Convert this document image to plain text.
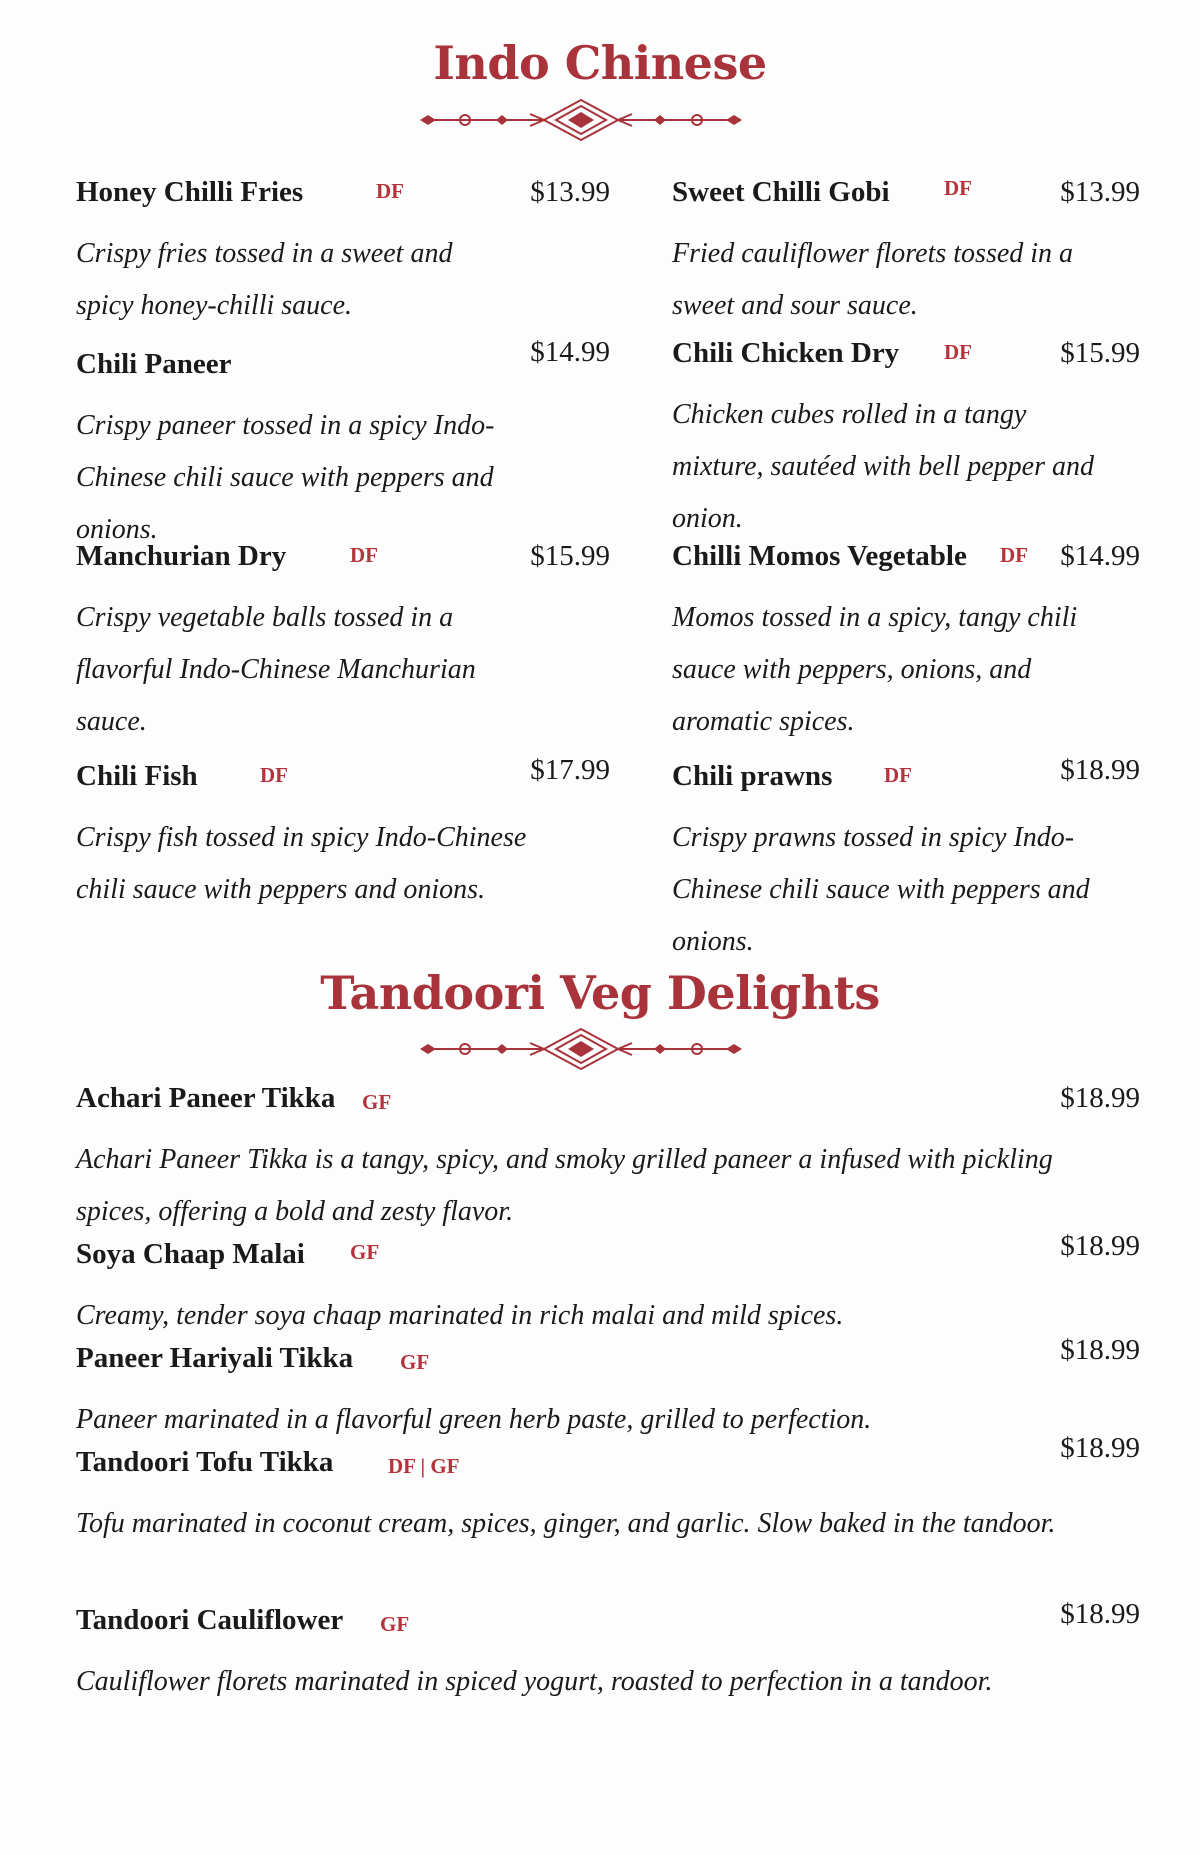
Indo Chinese
Honey Chilli Fries	DF	$13.99

Crispy fries tossed in a sweet and spicy honey-chilli sauce.

Sweet Chilli Gobi	DF	$13.99

Fried cauliflower florets tossed in a sweet and sour sauce.

Chili Paneer	$14.99

Crispy paneer tossed in a spicy Indo-Chinese chili sauce with peppers and onions.

Chili Chicken Dry DF	$15.99

Chicken cubes rolled in a tangy mixture, sautéed with bell pepper and onion.

Manchurian Dry	DF	$15.99

Crispy vegetable balls tossed in a flavorful Indo-Chinese Manchurian sauce.

Chilli Momos Vegetable DF $14.99

Momos tossed in a spicy, tangy chili sauce with peppers, onions, and aromatic spices.

Chili Fish	DF	$17.99

Crispy fish tossed in spicy Indo-Chinese chili sauce with peppers and onions.

Chili prawns DF	$18.99

Crispy prawns tossed in spicy Indo-Chinese chili sauce with peppers and onions.

Tandoori Veg Delights
Achari Paneer Tikka GF	$18.99

Achari Paneer Tikka is a tangy, spicy, and smoky grilled paneer a infused with pickling spices, offering a bold and zesty flavor.

Soya Chaap Malai GF	$18.99

Creamy, tender soya chaap marinated in rich malai and mild spices.

Paneer Hariyali Tikka GF	$18.99

Paneer marinated in a flavorful green herb paste, grilled to perfection.

Tandoori Tofu Tikka	DF | GF
$18.99

Tofu marinated in coconut cream, spices, ginger, and garlic. Slow baked in the tandoor.

Tandoori Cauliflower GF	$18.99

Cauliflower florets marinated in spiced yogurt, roasted to perfection in a tandoor.
